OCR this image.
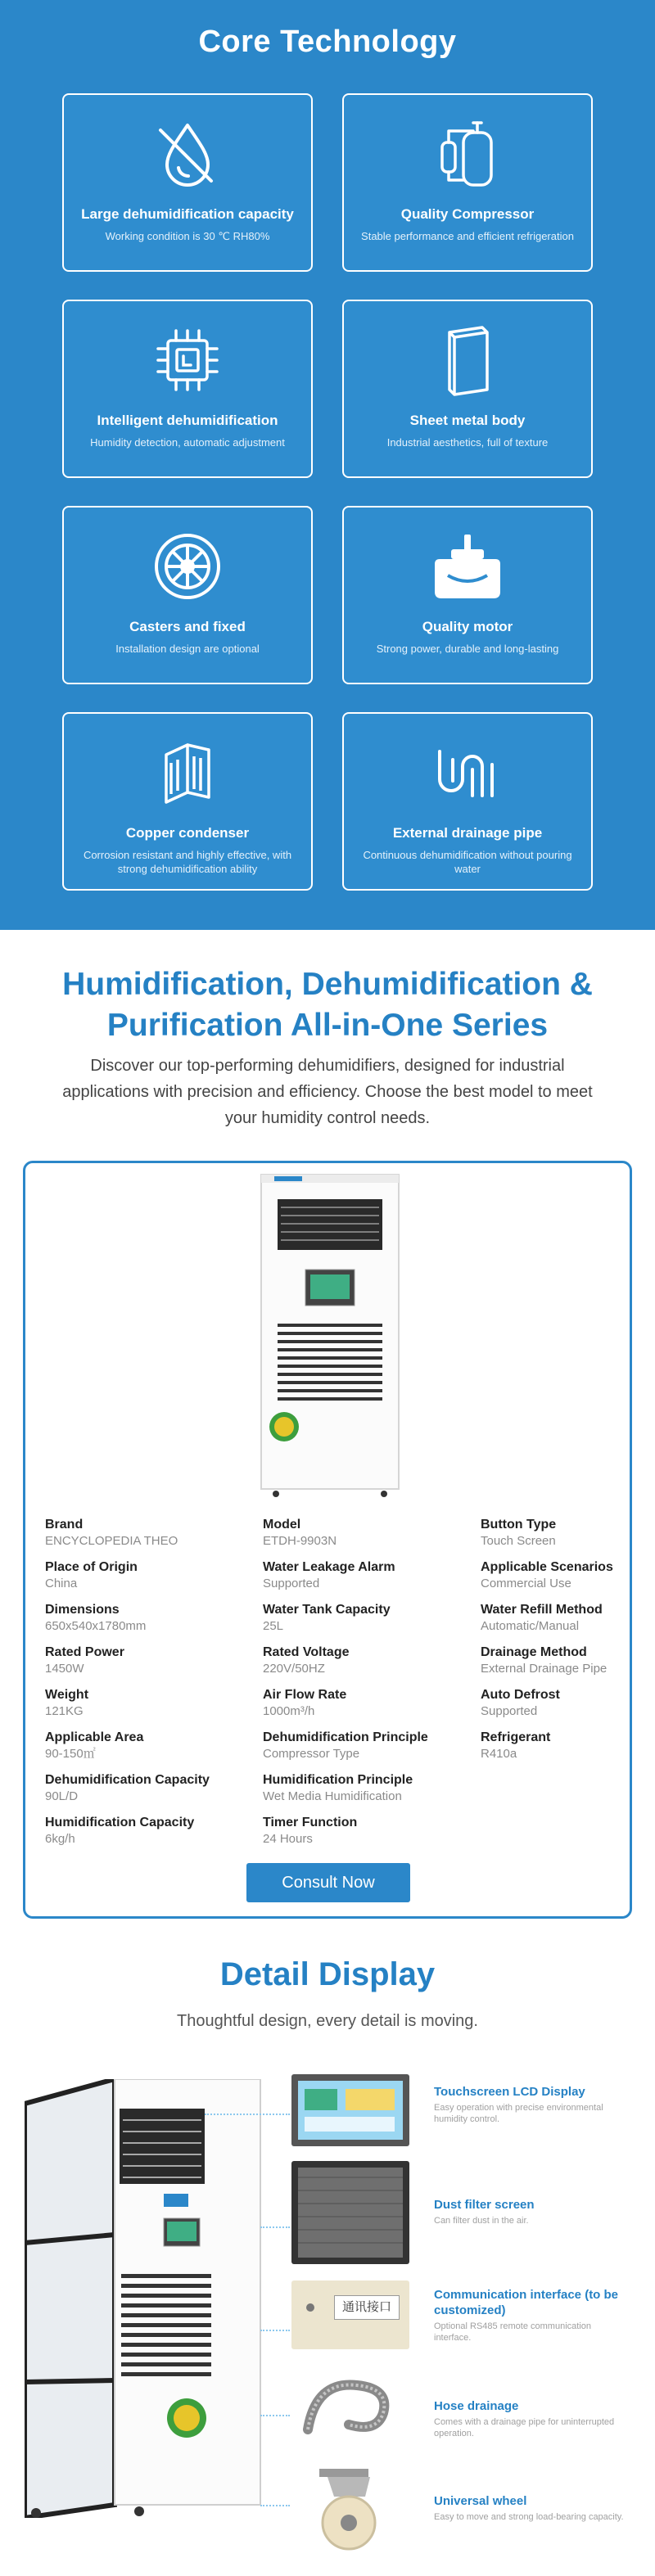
Core Technology
Large dehumidification capacity
Working condition is 30 ℃ RH80%
Quality Compressor
Stable performance and efficient refrigeration
Intelligent dehumidification
Humidity detection, automatic adjustment
Sheet metal body
Industrial aesthetics, full of texture
Casters and fixed
Installation design are optional
Quality motor
Strong power, durable and long-lasting
Copper condenser
Corrosion resistant and highly effective, with strong dehumidification ability
External drainage pipe
Continuous dehumidification without pouring water
Humidification, Dehumidification &
Purification All-in-One Series

Discover our top-performing dehumidifiers, designed for industrial applications with precision and efficiency. Choose the best model to meet your humidity control needs.

Brand
ENCYCLOPEDIA THEO
Place of Origin
China
Dimensions
650x540x1780mm
Rated Power
1450W
Weight
121KG
Applicable Area
90-150㎡
Dehumidification Capacity
90L/D
Humidification Capacity
6kg/h
Model
ETDH-9903N
Water Leakage Alarm
Supported
Water Tank Capacity
25L
Rated Voltage
220V/50HZ
Air Flow Rate
1000m³/h
Dehumidification Principle
Compressor Type
Humidification Principle
Wet Media Humidification
Timer Function
24 Hours
Button Type
Touch Screen
Applicable Scenarios
Commercial Use
Water Refill Method
Automatic/Manual
Drainage Method
External Drainage Pipe
Auto Defrost
Supported
Refrigerant
R410a
Consult Now
Detail Display

Thoughtful design, every detail is moving.

Touchscreen LCD Display
Easy operation with precise environmental humidity control.
Dust filter screen
Can filter dust in the air.
通讯接口
Communication interface (to be customized)
Optional RS485 remote communication interface.
Hose drainage
Comes with a drainage pipe for uninterrupted operation.
Universal wheel
Easy to move and strong load-bearing capacity.
